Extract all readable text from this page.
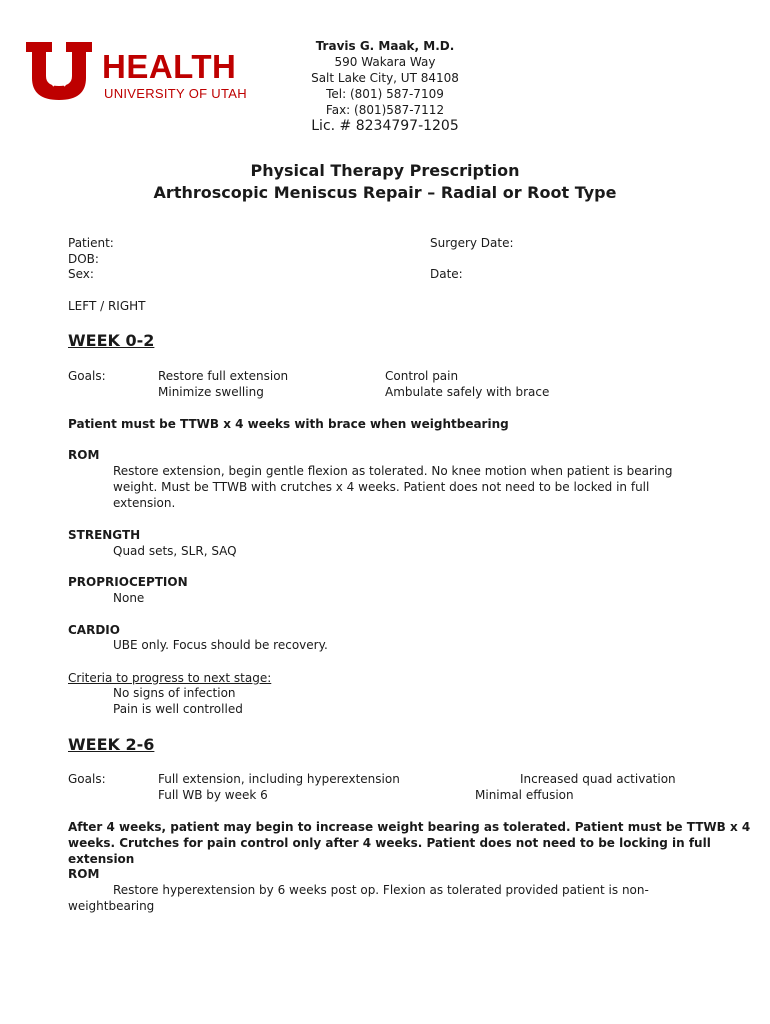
HEALTH
UNIVERSITY OF UTAH
Travis G. Maak, M.D.
590 Wakara Way
Salt Lake City, UT 84108
Tel: (801) 587-7109
Fax: (801)587-7112
Lic. # 8234797-1205
Physical Therapy Prescription
Arthroscopic Meniscus Repair – Radial or Root Type
Patient:
DOB:
Sex:
Surgery Date:
Date:
LEFT / RIGHT
WEEK 0-2
Goals:	Restore full extension
Minimize swelling
Control pain
Ambulate safely with brace
Patient must be TTWB x 4 weeks with brace when weightbearing
ROM
Restore extension, begin gentle flexion as tolerated. No knee motion when patient is bearing
weight. Must be TTWB with crutches x 4 weeks. Patient does not need to be locked in full
extension.
STRENGTH
Quad sets, SLR, SAQ
PROPRIOCEPTION
None
CARDIO
UBE only. Focus should be recovery.
Criteria to progress to next stage:
No signs of infection
Pain is well controlled
WEEK 2-6
Goals:	Full extension, including hyperextension
Full WB by week 6
Increased quad activation
Minimal effusion
After 4 weeks, patient may begin to increase weight bearing as tolerated. Patient must be TTWB x 4
weeks. Crutches for pain control only after 4 weeks. Patient does not need to be locking in full extension
ROM
Restore hyperextension by 6 weeks post op. Flexion as tolerated provided patient is non-
weightbearing
